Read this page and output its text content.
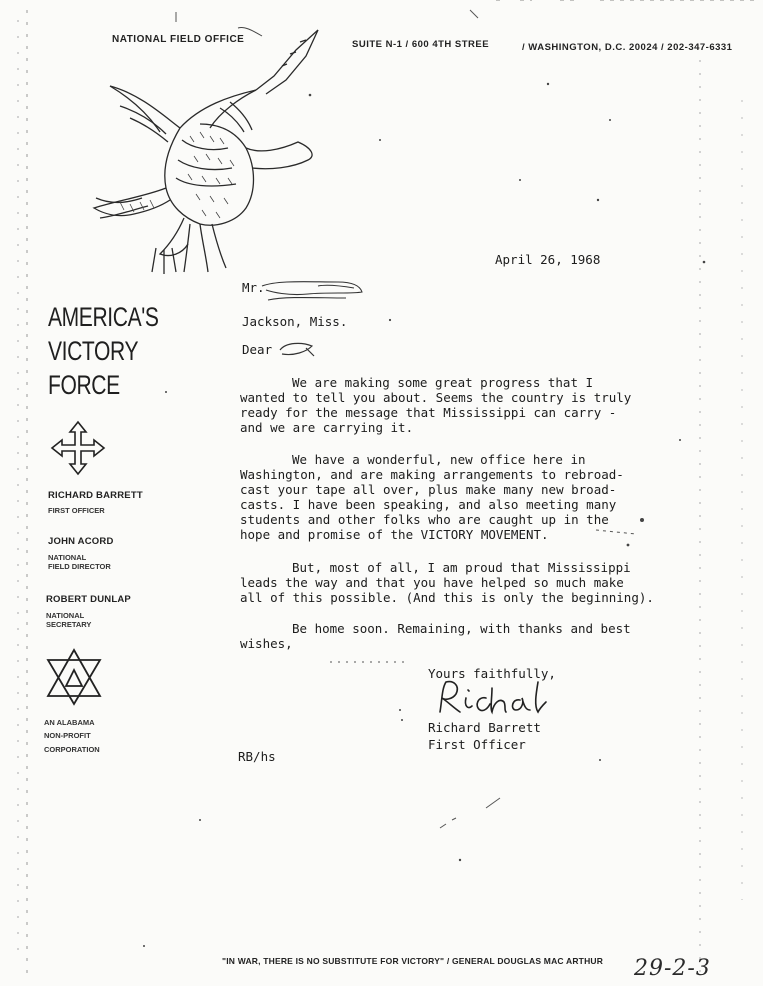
NATIONAL FIELD OFFICE	SUITE N-1 / 600 4TH STREE	/ WASHINGTON, D.C. 20024 / 202-347-6331
AMERICA'S
VICTORY
FORCE
RICHARD BARRETT
FIRST OFFICER
JOHN ACORD
NATIONAL
FIELD DIRECTOR
ROBERT DUNLAP
NATIONAL
SECRETARY
AN ALABAMA
NON-PROFIT
CORPORATION
April 26, 1968
Mr.
Jackson, Miss.
Dear
We are making some great progress that I
wanted to tell you about. Seems the country is truly
ready for the message that Mississippi can carry -
and we are carrying it.
We have a wonderful, new office here in
Washington, and are making arrangements to rebroad-
cast your tape all over, plus make many new broad-
casts. I have been speaking, and also meeting many
students and other folks who are caught up in the
hope and promise of the VICTORY MOVEMENT.
But, most of all, I am proud that Mississippi
leads the way and that you have helped so much make
all of this possible. (And this is only the beginning).
Be home soon. Remaining, with thanks and best
wishes,
Yours faithfully,
Richard Barrett
First Officer
RB/hs
"IN WAR, THERE IS NO SUBSTITUTE FOR VICTORY" / GENERAL DOUGLAS MAC ARTHUR 29-2-3
